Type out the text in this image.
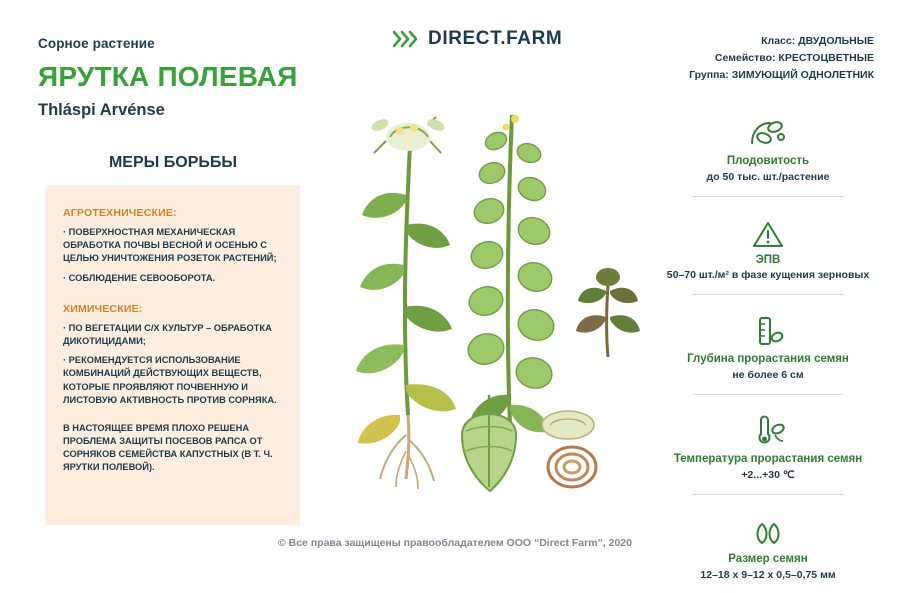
Сорное растение
ЯРУТКА ПОЛЕВАЯ
Thláspi Arvénse
МЕРЫ БОРЬБЫ
АГРОТЕХНИЧЕСКИЕ:
· ПОВЕРХНОСТНАЯ МЕХАНИЧЕСКАЯ ОБРАБОТКА ПОЧВЫ ВЕСНОЙ И ОСЕНЬЮ С ЦЕЛЬЮ УНИЧТОЖЕНИЯ РОЗЕТОК РАСТЕНИЙ;
· СОБЛЮДЕНИЕ СЕВООБОРОТА.
ХИМИЧЕСКИЕ:
· ПО ВЕГЕТАЦИИ С/Х КУЛЬТУР – ОБРАБОТКА ДИКОТИЦИДАМИ;
· РЕКОМЕНДУЕТСЯ ИСПОЛЬЗОВАНИЕ КОМБИНАЦИЙ ДЕЙСТВУЮЩИХ ВЕЩЕСТВ, КОТОРЫЕ ПРОЯВЛЯЮТ ПОЧВЕННУЮ И ЛИСТОВУЮ АКТИВНОСТЬ ПРОТИВ СОРНЯКА.
В НАСТОЯЩЕЕ ВРЕМЯ ПЛОХО РЕШЕНА ПРОБЛЕМА ЗАЩИТЫ ПОСЕВОВ РАПСА ОТ СОРНЯКОВ СЕМЕЙСТВА КАПУСТНЫХ (В Т. Ч. ЯРУТКИ ПОЛЕВОЙ).
DIRECT.FARM	Класс: ДВУДОЛЬНЫЕ
Семейство: КРЕСТОЦВЕТНЫЕ
Группа: ЗИМУЮЩИЙ ОДНОЛЕТНИК
Плодовитость
до 50 тыс. шт./растение
ЭПВ
50–70 шт./м² в фазе кущения зерновых
Глубина прорастания семян
не более 6 см
Температура прорастания семян
+2...+30 ℃
Размер семян
12–18 х 9–12 х 0,5–0,75 мм
© Все права защищены правообладателем ООО “Direct Farm”, 2020
